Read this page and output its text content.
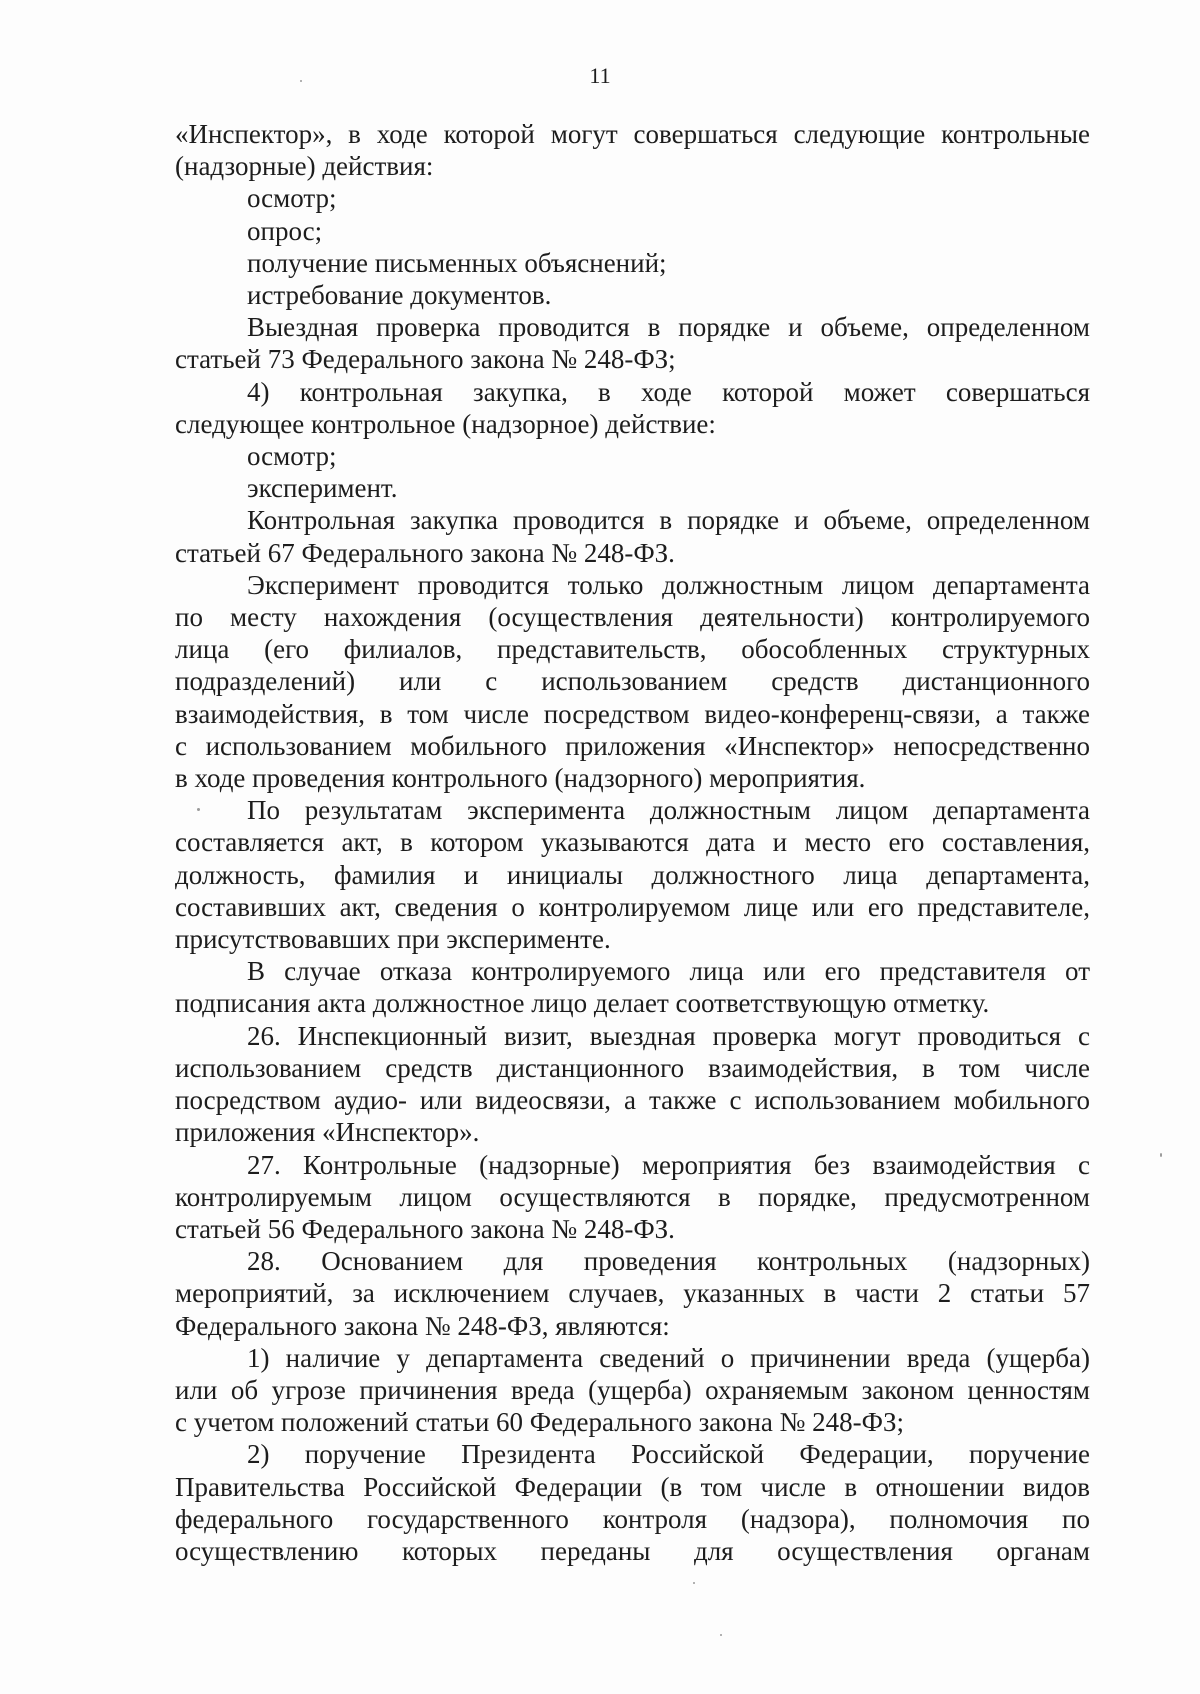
11
«Инспектор», в ходе которой могут совершаться следующие контрольные
(надзорные) действия:

осмотр;

опрос;

получение письменных объяснений;

истребование документов.

Выездная проверка проводится в порядке и объеме, определенном
статьей 73 Федерального закона № 248-ФЗ;
4) контрольная закупка, в ходе которой может совершаться
следующее контрольное (надзорное) действие:

осмотр;

эксперимент.

Контрольная закупка проводится в порядке и объеме, определенном
статьей 67 Федерального закона № 248-ФЗ.
Эксперимент проводится только должностным лицом департамента
по месту нахождения (осуществления деятельности) контролируемого
лица (его филиалов, представительств, обособленных структурных
подразделений) или с использованием средств дистанционного
взаимодействия, в том числе посредством видео-конференц-связи, а также
с использованием мобильного приложения «Инспектор» непосредственно
в ходе проведения контрольного (надзорного) мероприятия.
По результатам эксперимента должностным лицом департамента
составляется акт, в котором указываются дата и место его составления,
должность, фамилия и инициалы должностного лица департамента,
составивших акт, сведения о контролируемом лице или его представителе,
присутствовавших при эксперименте.
В случае отказа контролируемого лица или его представителя от
подписания акта должностное лицо делает соответствующую отметку.
26. Инспекционный визит, выездная проверка могут проводиться с
использованием средств дистанционного взаимодействия, в том числе
посредством аудио- или видеосвязи, а также с использованием мобильного
приложения «Инспектор».
27. Контрольные (надзорные) мероприятия без взаимодействия с
контролируемым лицом осуществляются в порядке, предусмотренном
статьей 56 Федерального закона № 248-ФЗ.
28. Основанием для проведения контрольных (надзорных)
мероприятий, за исключением случаев, указанных в части 2 статьи 57
Федерального закона № 248-ФЗ, являются:
1) наличие у департамента сведений о причинении вреда (ущерба)
или об угрозе причинения вреда (ущерба) охраняемым законом ценностям
с учетом положений статьи 60 Федерального закона № 248-ФЗ;
2) поручение Президента Российской Федерации, поручение
Правительства Российской Федерации (в том числе в отношении видов
федерального государственного контроля (надзора), полномочия по
осуществлению которых переданы для осуществления органам
